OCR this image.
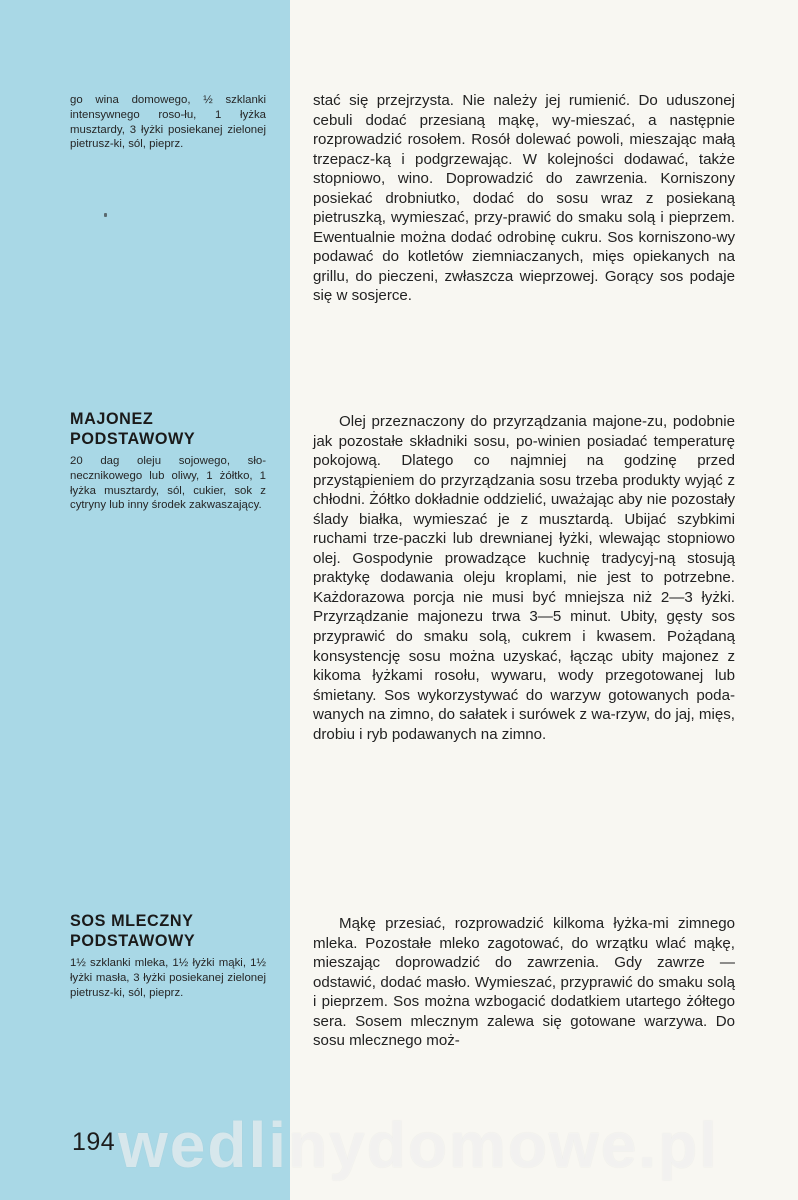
go wina domowego, ½ szklanki intensywnego roso-łu, 1 łyżka musztardy, 3 łyżki posiekanej zielonej pietrusz-ki, sól, pieprz.

stać się przejrzysta. Nie należy jej rumienić. Do uduszonej cebuli dodać przesianą mąkę, wy-mieszać, a następnie rozprowadzić rosołem. Rosół dolewać powoli, mieszając małą trzepacz-ką i podgrzewając. W kolejności dodawać, także stopniowo, wino. Doprowadzić do zawrzenia. Korniszony posiekać drobniutko, dodać do sosu wraz z posiekaną pietruszką, wymieszać, przy-prawić do smaku solą i pieprzem. Ewentualnie można dodać odrobinę cukru. Sos korniszono-wy podawać do kotletów ziemniaczanych, mięs opiekanych na grillu, do pieczeni, zwłaszcza wieprzowej. Gorący sos podaje się w sosjerce.

MAJONEZ
PODSTAWOWY
20 dag oleju sojowego, sło-necznikowego lub oliwy, 1 żółtko, 1 łyżka musztardy, sól, cukier, sok z cytryny lub inny środek zakwaszający.

Olej przeznaczony do przyrządzania majone-zu, podobnie jak pozostałe składniki sosu, po-winien posiadać temperaturę pokojową. Dlatego co najmniej na godzinę przed przystąpieniem do przyrządzania sosu trzeba produkty wyjąć z chłodni. Żółtko dokładnie oddzielić, uważając aby nie pozostały ślady białka, wymieszać je z musztardą. Ubijać szybkimi ruchami trze-paczki lub drewnianej łyżki, wlewając stopniowo olej. Gospodynie prowadzące kuchnię tradycyj-ną stosują praktykę dodawania oleju kroplami, nie jest to potrzebne. Każdorazowa porcja nie musi być mniejsza niż 2—3 łyżki. Przyrządzanie majonezu trwa 3—5 minut. Ubity, gęsty sos przyprawić do smaku solą, cukrem i kwasem. Pożądaną konsystencję sosu można uzyskać, łącząc ubity majonez z kikoma łyżkami rosołu, wywaru, wody przegotowanej lub śmietany. Sos wykorzystywać do warzyw gotowanych poda-wanych na zimno, do sałatek i surówek z wa-rzyw, do jaj, mięs, drobiu i ryb podawanych na zimno.

SOS MLECZNY
PODSTAWOWY
1½ szklanki mleka, 1½ łyżki mąki, 1½ łyżki masła, 3 łyżki posiekanej zielonej pietrusz-ki, sól, pieprz.

Mąkę przesiać, rozprowadzić kilkoma łyżka-mi zimnego mleka. Pozostałe mleko zagotować, do wrzątku wlać mąkę, mieszając doprowadzić do zawrzenia. Gdy zawrze — odstawić, dodać masło. Wymieszać, przyprawić do smaku solą i pieprzem. Sos można wzbogacić dodatkiem utartego żółtego sera. Sosem mlecznym zalewa się gotowane warzywa. Do sosu mlecznego moż-

wedlinydomowe.pl
194
